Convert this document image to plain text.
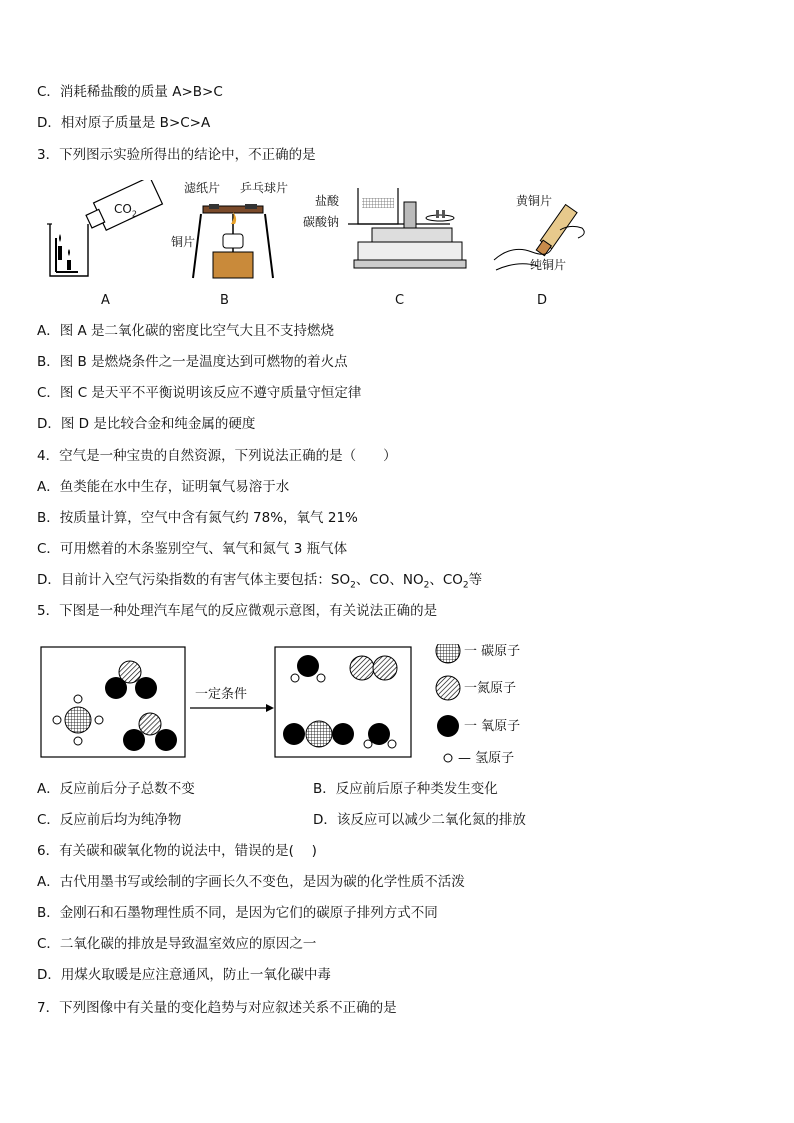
C．消耗稀盐酸的质量 A>B>C
D．相对原子质量是 B>C>A
3．下列图示实验所得出的结论中，不正确的是
$CO_2$
A
滤纸片 乒乓球片
铜片
B
盐酸
碳酸钠
C
黄铜片
纯铜片
D
A．图 A 是二氧化碳的密度比空气大且不支持燃烧
B．图 B 是燃烧条件之一是温度达到可燃物的着火点
C．图 C 是天平不平衡说明该反应不遵守质量守恒定律
D．图 D 是比较合金和纯金属的硬度
4．空气是一种宝贵的自然资源，下列说法正确的是（　　）
A．鱼类能在水中生存，证明氧气易溶于水
B．按质量计算，空气中含有氮气约 78%，氧气 21%
C．可用燃着的木条鉴别空气、氧气和氮气 3 瓶气体
D．目前计入空气污染指数的有害气体主要包括：$SO_2$、CO、$NO_2$、$CO_2$等
5．下图是一种处理汽车尾气的反应微观示意图，有关说法正确的是
一定条件
一 碳原子
一氮原子
一 氧原子
— 氢原子
A．反应前后分子总数不变	B．反应前后原子种类发生变化
C．反应前后均为纯净物	D．该反应可以减少二氧化氮的排放
6．有关碳和碳氧化物的说法中，错误的是(　 )
A．古代用墨书写或绘制的字画长久不变色，是因为碳的化学性质不活泼
B．金刚石和石墨物理性质不同，是因为它们的碳原子排列方式不同
C．二氧化碳的排放是导致温室效应的原因之一
D．用煤火取暖是应注意通风，防止一氧化碳中毒
7．下列图像中有关量的变化趋势与对应叙述关系不正确的是
